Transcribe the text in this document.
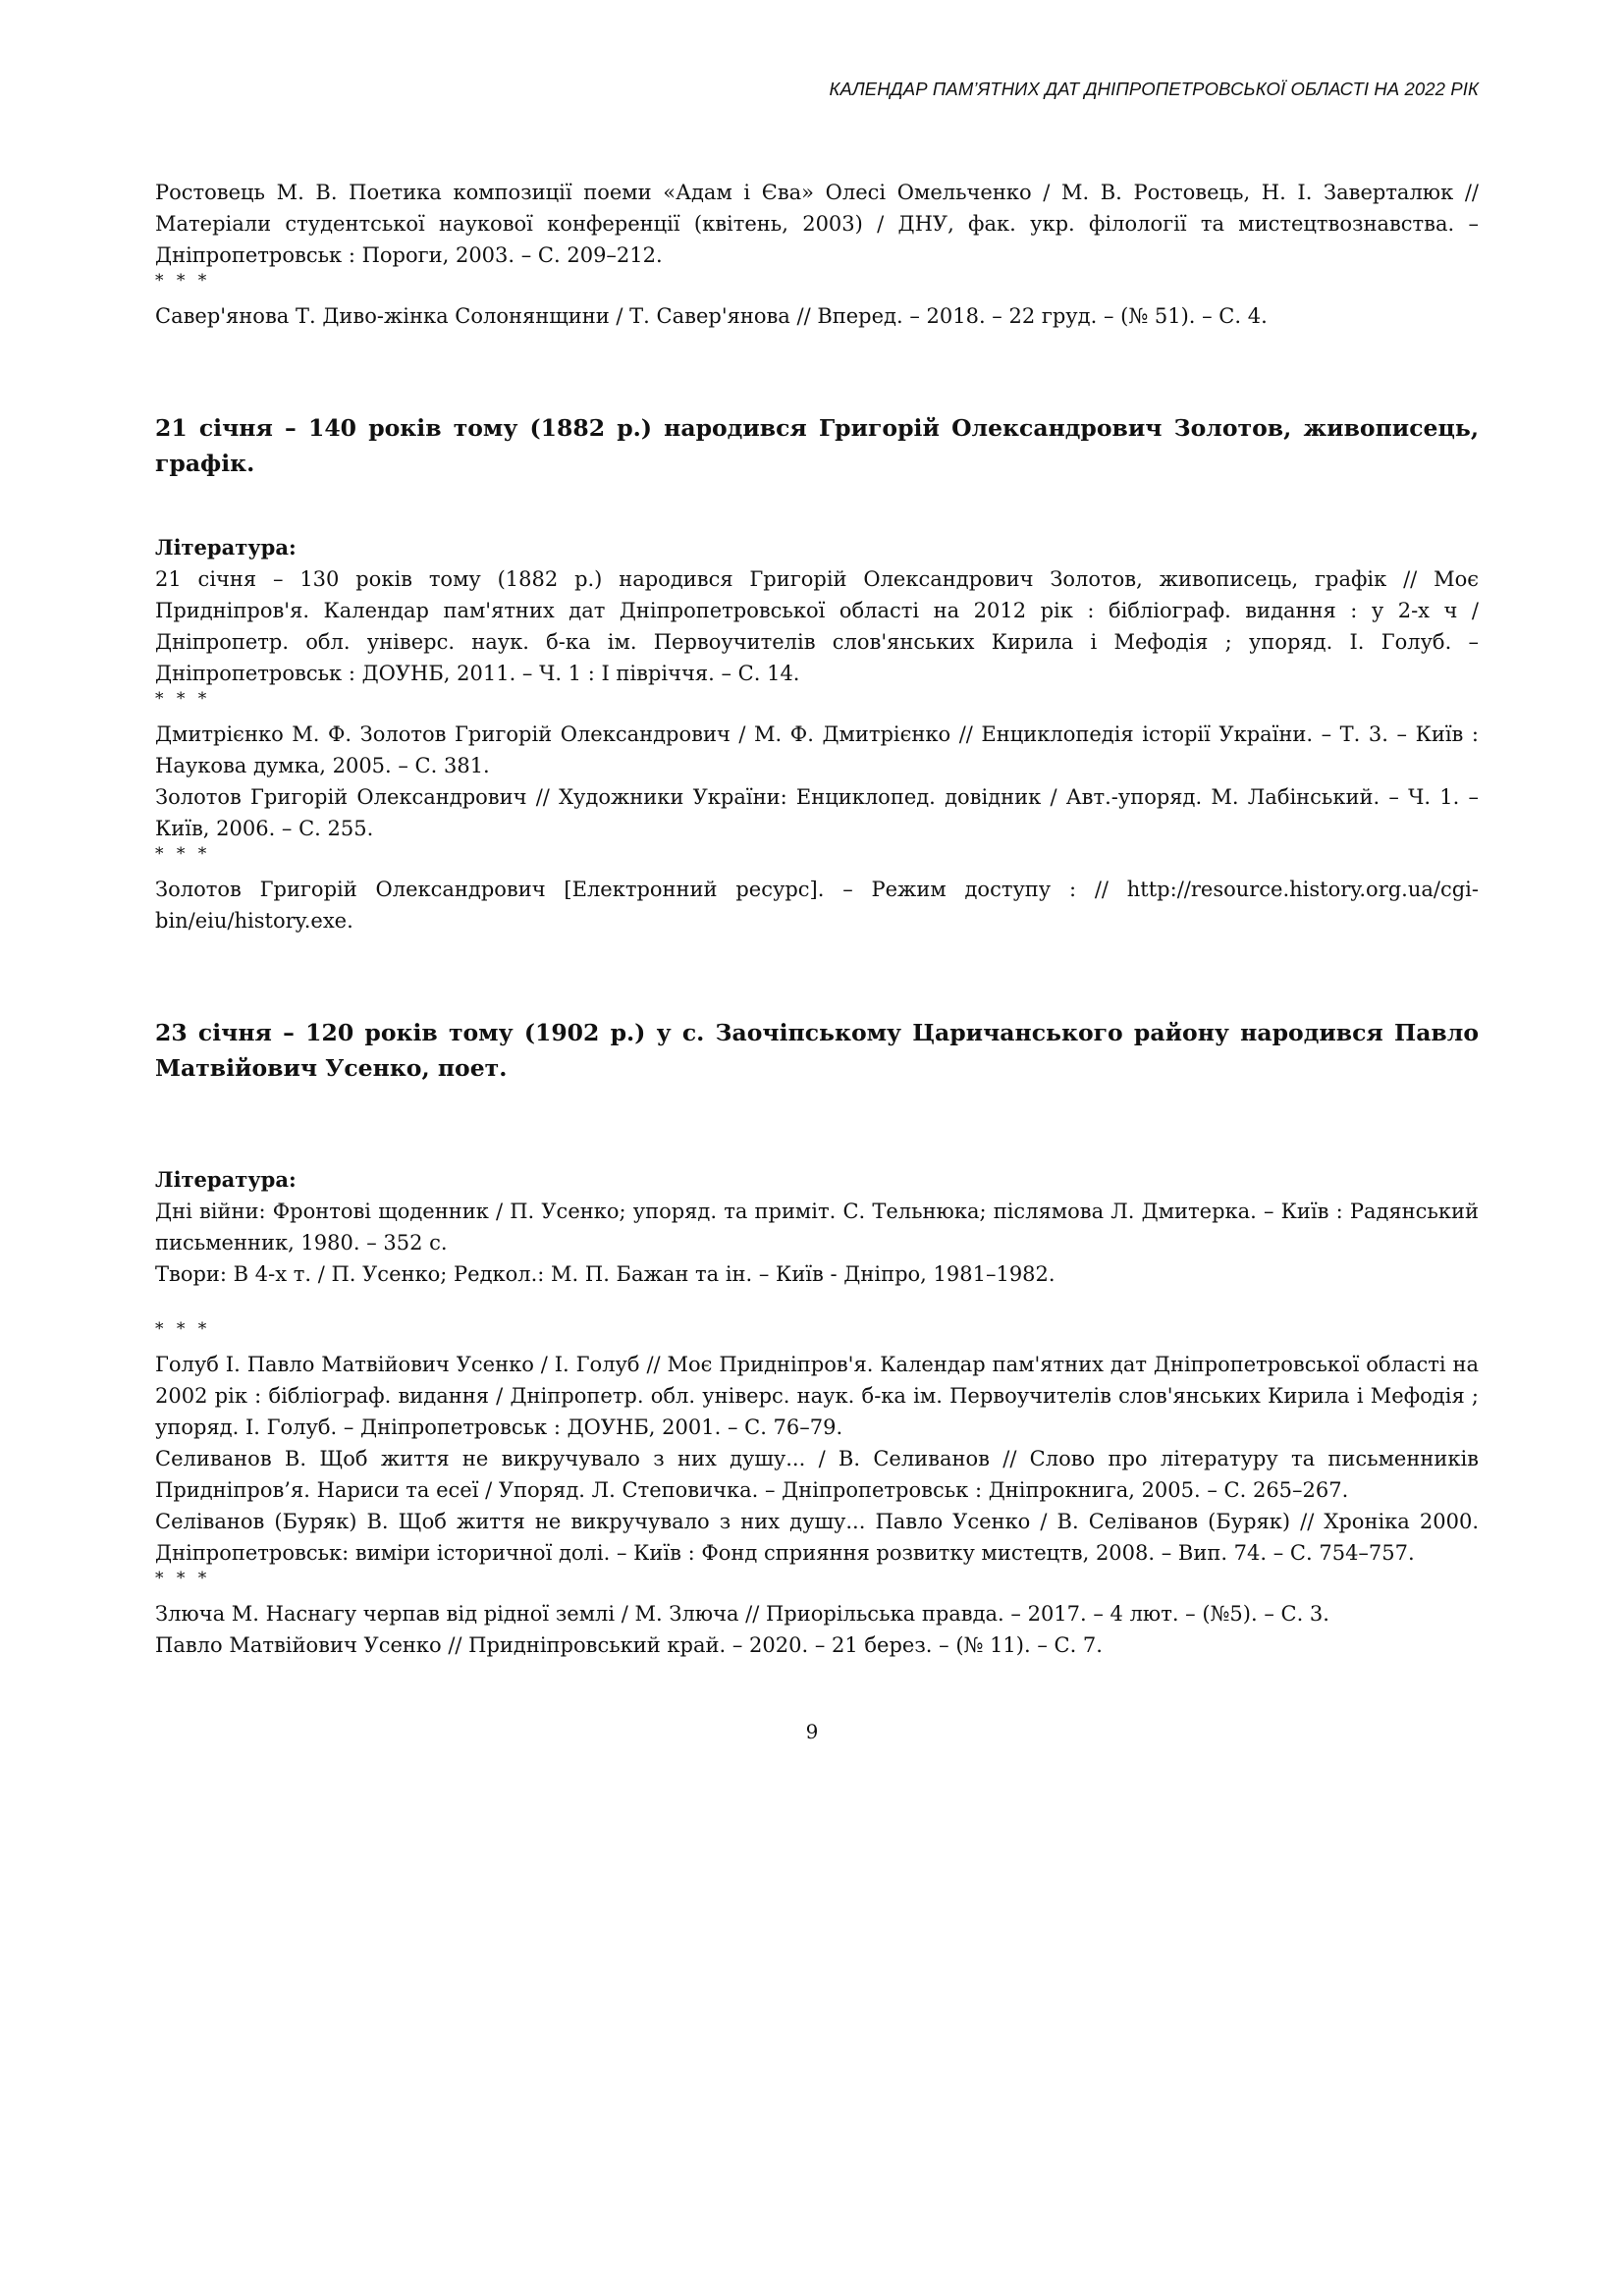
КАЛЕНДАР ПАМ’ЯТНИХ ДАТ ДНІПРОПЕТРОВСЬКОЇ ОБЛАСТІ НА 2022 РІК

Ростовець М. В. Поетика композиції поеми «Адам і Єва» Олесі Омельченко / М. В. Ростовець, Н. І. Заверталюк // Матеріали студентської наукової конференції (квітень, 2003) / ДНУ, фак. укр. філології та мистецтвознавства. – Дніпропетровськ : Пороги, 2003. – С. 209–212.

* * *

Савер'янова Т. Диво-жінка Солонянщини / Т. Савер'янова // Вперед. – 2018. – 22 груд. – (№ 51). – С. 4.

21 січня – 140 років тому (1882 р.) народився Григорій Олександрович Золотов, живописець, графік.

Література:

21 січня – 130 років тому (1882 р.) народився Григорій Олександрович Золотов, живописець, графік // Моє Придніпров'я. Календар пам'ятних дат Дніпропетровської області на 2012 рік : бібліограф. видання : у 2-х ч / Дніпропетр. обл. універс. наук. б-ка ім. Первоучителів слов'янських Кирила і Мефодія ; упоряд. І. Голуб. – Дніпропетровськ : ДОУНБ, 2011. – Ч. 1 : І півріччя. – С. 14.

* * *

Дмитрієнко М. Ф. Золотов Григорій Олександрович / М. Ф. Дмитрієнко // Енциклопедія історії України. – Т. 3. – Київ : Наукова думка, 2005. – С. 381.

Золотов Григорій Олександрович // Художники України: Енциклопед. довідник / Авт.-упоряд. М. Лабінський. – Ч. 1. – Київ, 2006. – С. 255.

* * *

Золотов Григорій Олександрович [Електронний ресурс]. – Режим доступу : // http://resource.history.org.ua/cgi-bin/eiu/history.exe.

23 січня – 120 років тому (1902 р.) у с. Заочіпському Царичанського району народився Павло Матвійович Усенко, поет.

Література:

Дні війни: Фронтові щоденник / П. Усенко; упоряд. та приміт. С. Тельнюка; післямова Л. Дмитерка. – Київ : Радянський письменник, 1980. – 352 с.

Твори: В 4-х т. / П. Усенко; Редкол.: М. П. Бажан та ін. – Київ - Дніпро, 1981–1982.

* * *

Голуб І. Павло Матвійович Усенко / І. Голуб // Моє Придніпров'я. Календар пам'ятних дат Дніпропетровської області на 2002 рік : бібліограф. видання / Дніпропетр. обл. універс. наук. б-ка ім. Первоучителів слов'янських Кирила і Мефодія ; упоряд. І. Голуб. – Дніпропетровськ : ДОУНБ, 2001. – С. 76–79.

Селиванов В. Щоб життя не викручувало з них душу... / В. Селиванов // Слово про літературу та письменників Придніпров’я. Нариси та есеї / Упоряд. Л. Степовичка. – Дніпропетровськ : Дніпрокнига, 2005. – С. 265–267.

Селіванов (Буряк) В. Щоб життя не викручувало з них душу... Павло Усенко / В. Селіванов (Буряк) // Хроніка 2000. Дніпропетровськ: виміри історичної долі. – Київ : Фонд сприяння розвитку мистецтв, 2008. – Вип. 74. – С. 754–757.

* * *

Злюча М. Наснагу черпав від рідної землі / М. Злюча // Приорільська правда. – 2017. – 4 лют. – (№5). – С. 3.

Павло Матвійович Усенко // Придніпровський край. – 2020. – 21 берез. – (№ 11). – С. 7.

9
